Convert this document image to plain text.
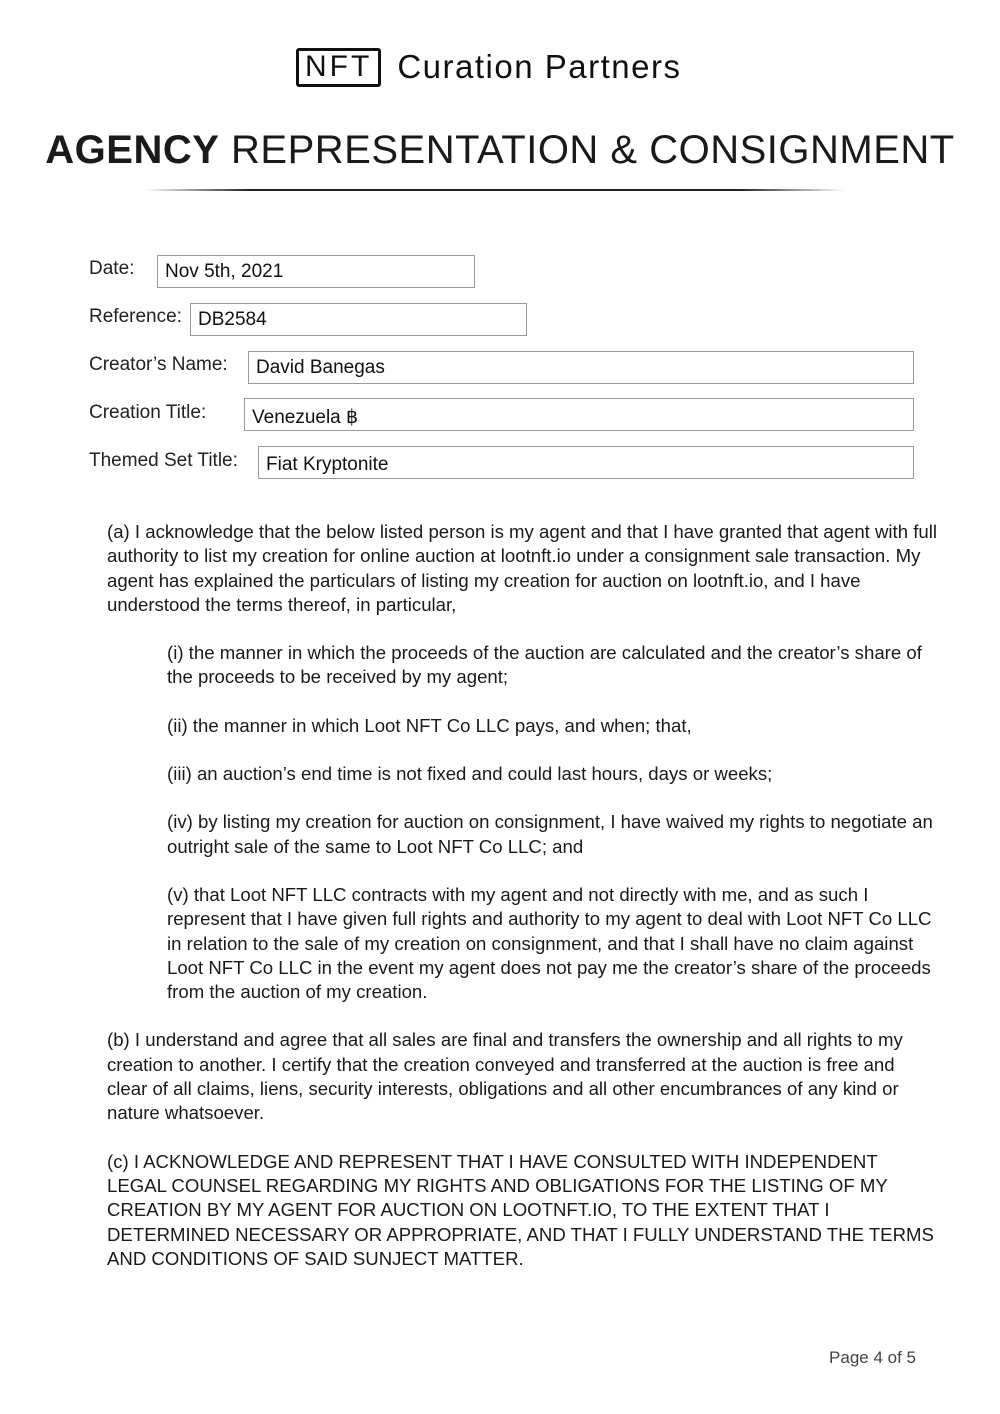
NFT Curation Partners
AGENCY REPRESENTATION & CONSIGNMENT
Date:	Nov 5th, 2021
Reference: DB2584
Creator’s Name:	David Banegas
Creation Title:	Venezuela ฿
Themed Set Title:	Fiat Kryptonite

(a) I acknowledge that the below listed person is my agent and that I have granted that agent with full authority to list my creation for online auction at lootnft.io under a consignment sale transaction. My agent has explained the particulars of listing my creation for auction on lootnft.io, and I have understood the terms thereof, in particular,

(i) the manner in which the proceeds of the auction are calculated and the creator’s share of the proceeds to be received by my agent;

(ii) the manner in which Loot NFT Co LLC pays, and when; that,

(iii) an auction’s end time is not fixed and could last hours, days or weeks;

(iv) by listing my creation for auction on consignment, I have waived my rights to negotiate an outright sale of the same to Loot NFT Co LLC; and

(v) that Loot NFT LLC contracts with my agent and not directly with me, and as such I represent that I have given full rights and authority to my agent to deal with Loot NFT Co LLC in relation to the sale of my creation on consignment, and that I shall have no claim against Loot NFT Co LLC in the event my agent does not pay me the creator’s share of the proceeds from the auction of my creation.

(b) I understand and agree that all sales are final and transfers the ownership and all rights to my creation to another. I certify that the creation conveyed and transferred at the auction is free and clear of all claims, liens, security interests, obligations and all other encumbrances of any kind or nature whatsoever.

(c) I ACKNOWLEDGE AND REPRESENT THAT I HAVE CONSULTED WITH INDEPENDENT LEGAL COUNSEL REGARDING MY RIGHTS AND OBLIGATIONS FOR THE LISTING OF MY CREATION BY MY AGENT FOR AUCTION ON LOOTNFT.IO, TO THE EXTENT THAT I DETERMINED NECESSARY OR APPROPRIATE, AND THAT I FULLY UNDERSTAND THE TERMS AND CONDITIONS OF SAID SUNJECT MATTER.

Page 4 of 5
